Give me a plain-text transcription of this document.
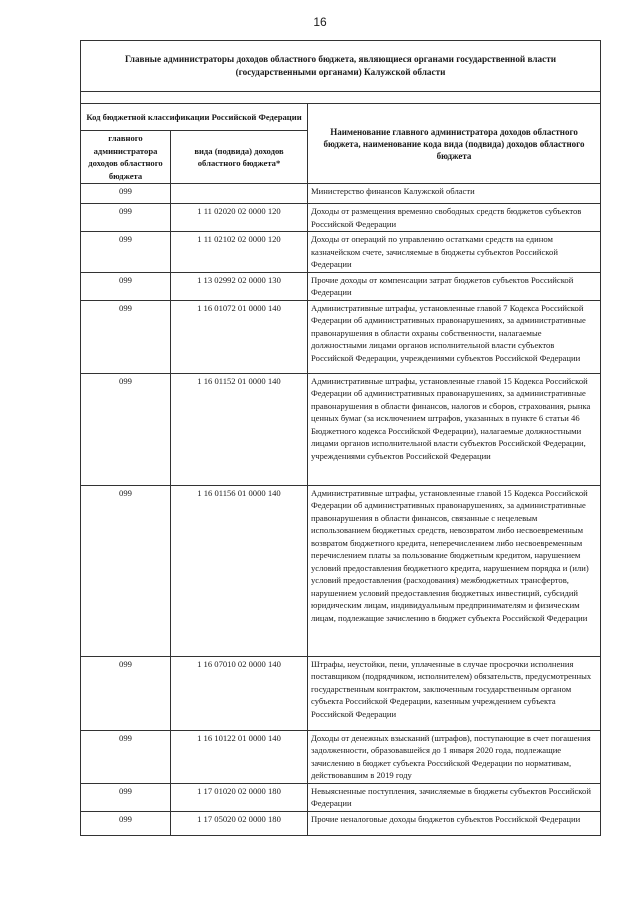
16
Главные администраторы доходов областного бюджета, являющиеся органами государственной власти (государственными органами) Калужской области		

Код бюджетной классификации Российской Федерации		Наименование главного администратора доходов областного бюджета, наименование кода вида (подвида) доходов областного бюджета
главного администратора доходов областного бюджета	вида (подвида) доходов областного бюджета*	
099		Министерство финансов Калужской области
099	1 11 02020 02 0000 120	Доходы от размещения временно свободных средств бюджетов субъектов Российской Федерации
099	1 11 02102 02 0000 120	Доходы от операций по управлению остатками средств на едином казначейском счете, зачисляемые в бюджеты субъектов Российской Федерации
099	1 13 02992 02 0000 130	Прочие доходы от компенсации затрат бюджетов субъектов Российской Федерации
099	1 16 01072 01 0000 140	Административные штрафы, установленные главой 7 Кодекса Российской Федерации об административных правонарушениях, за административные правонарушения в области охраны собственности, налагаемые должностными лицами органов исполнительной власти субъектов Российской Федерации, учреждениями субъектов Российской Федерации
099	1 16 01152 01 0000 140	Административные штрафы, установленные главой 15 Кодекса Российской Федерации об административных правонарушениях, за административные правонарушения в области финансов, налогов и сборов, страхования, рынка ценных бумаг (за исключением штрафов, указанных в пункте 6 статьи 46 Бюджетного кодекса Российской Федерации), налагаемые должностными лицами органов исполнительной власти субъектов Российской Федерации, учреждениями субъектов Российской Федерации
099	1 16 01156 01 0000 140	Административные штрафы, установленные главой 15 Кодекса Российской Федерации об административных правонарушениях, за административные правонарушения в области финансов, связанные с нецелевым использованием бюджетных средств, невозвратом либо несвоевременным возвратом бюджетного кредита, неперечислением либо несвоевременным перечислением платы за пользование бюджетным кредитом, нарушением условий предоставления бюджетного кредита, нарушением порядка и (или) условий предоставления (расходования) межбюджетных трансфертов, нарушением условий предоставления бюджетных инвестиций, субсидий юридическим лицам, индивидуальным предпринимателям и физическим лицам, подлежащие зачислению в бюджет субъекта Российской Федерации
099	1 16 07010 02 0000 140	Штрафы, неустойки, пени, уплаченные в случае просрочки исполнения поставщиком (подрядчиком, исполнителем) обязательств, предусмотренных государственным контрактом, заключенным государственным органом субъекта Российской Федерации, казенным учреждением субъекта Российской Федерации
099	1 16 10122 01 0000 140	Доходы от денежных взысканий (штрафов), поступающие в счет погашения задолженности, образовавшейся до 1 января 2020 года, подлежащие зачислению в бюджет субъекта Российской Федерации по нормативам, действовавшим в 2019 году
099	1 17 01020 02 0000 180	Невыясненные поступления, зачисляемые в бюджеты субъектов Российской Федерации
099	1 17 05020 02 0000 180	Прочие неналоговые доходы бюджетов субъектов Российской Федерации
